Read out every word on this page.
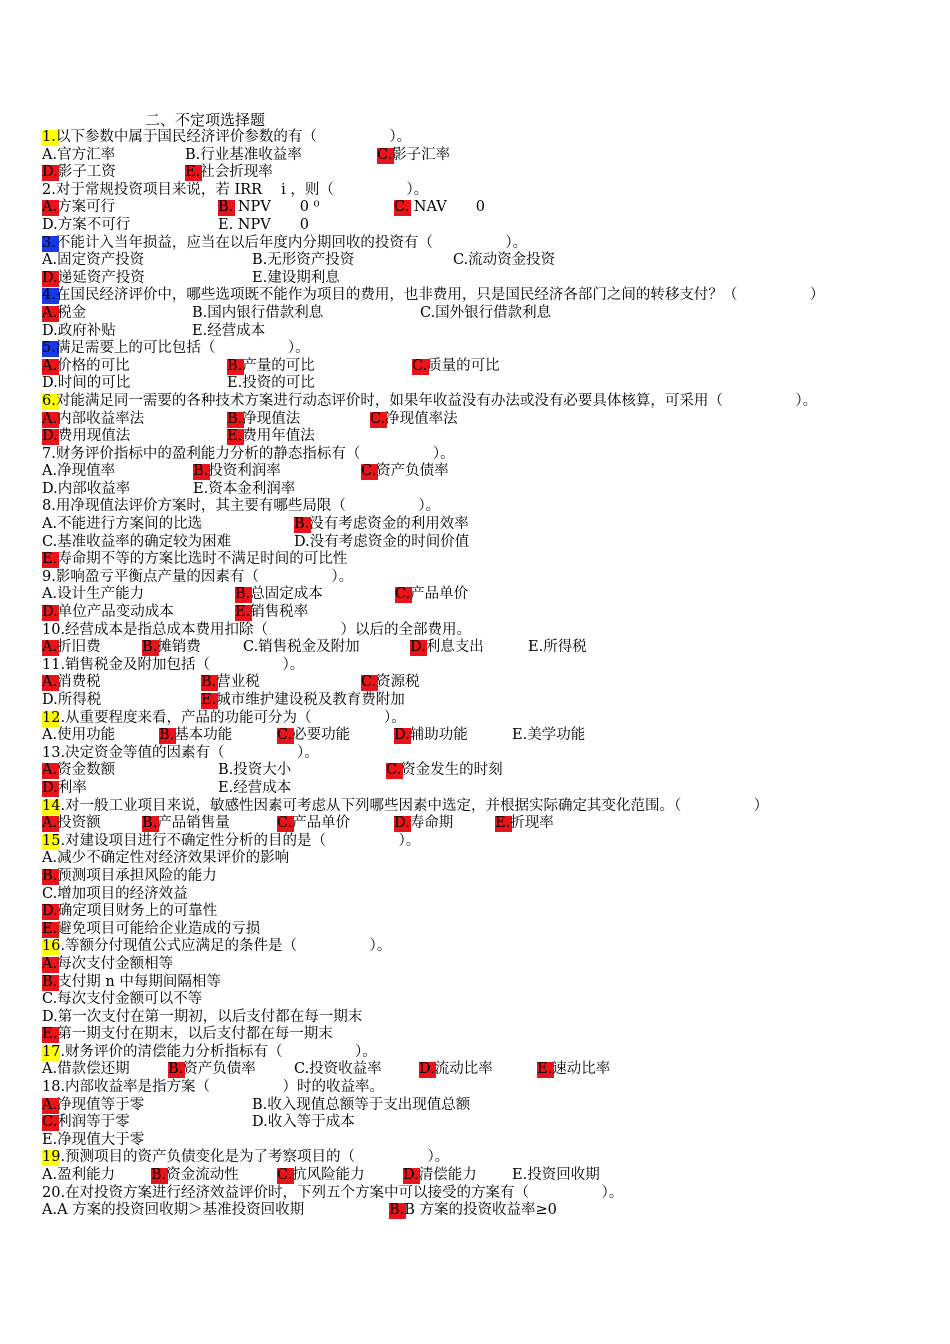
二、不定项选择题
1.以下参数中属于国民经济评价参数的有（　　　　　）。
A.官方汇率	B.行业基准收益率	C.影子汇率
D.影子工资	E.社会折现率
2.对于常规投资项目来说，若 IRR　 i ，则（　　　　　）。
A.方案可行	B. NPV　　0 ⁰	C. NAV　　0
D.方案不可行	E. NPV　　0
3.不能计入当年损益，应当在以后年度内分期回收的投资有（　　　　　）。
A.固定资产投资	B.无形资产投资	C.流动资金投资
D.递延资产投资	E.建设期利息
4.在国民经济评价中，哪些选项既不能作为项目的费用，也非费用，只是国民经济各部门之间的转移支付？（　　　　　）
A.税金	B.国内银行借款利息	C.国外银行借款利息
D.政府补贴	E.经营成本
5.满足需要上的可比包括（　　　　　）。
A.价格的可比	B.产量的可比	C.质量的可比
D.时间的可比	E.投资的可比
6.对能满足同一需要的各种技术方案进行动态评价时，如果年收益没有办法或没有必要具体核算，可采用（　　　　　）。
A.内部收益率法	B.净现值法	C.净现值率法
D.费用现值法	E.费用年值法
7.财务评价指标中的盈利能力分析的静态指标有（　　　　　）。
A.净现值率	B.投资利润率	C.资产负债率
D.内部收益率	E.资本金利润率
8.用净现值法评价方案时，其主要有哪些局限（　　　　　）。
A.不能进行方案间的比选	B.没有考虑资金的利用效率
C.基准收益率的确定较为困难	D.没有考虑资金的时间价值
E.寿命期不等的方案比选时不满足时间的可比性
9.影响盈亏平衡点产量的因素有（　　　　　）。
A.设计生产能力	B.总固定成本	C.产品单价
D.单位产品变动成本	E.销售税率
10.经营成本是指总成本费用扣除（　　　　　）以后的全部费用。
A.折旧费	B.摊销费	C.销售税金及附加	D.利息支出	E.所得税
11.销售税金及附加包括（　　　　　）。
A.消费税	B.营业税	C.资源税
D.所得税	E.城市维护建设税及教育费附加
12.从重要程度来看，产品的功能可分为（　　　　　）。
A.使用功能	B.基本功能	C.必要功能	D.辅助功能	E.美学功能
13.决定资金等值的因素有（　　　　　）。
A.资金数额	B.投资大小	C.资金发生的时刻
D.利率	E.经营成本
14.对一般工业项目来说，敏感性因素可考虑从下列哪些因素中选定，并根据实际确定其变化范围。（　　　　　）
A.投资额	B.产品销售量	C.产品单价	D.寿命期	E.折现率
15.对建设项目进行不确定性分析的目的是（　　　　　）。
A.减少不确定性对经济效果评价的影响
B.预测项目承担风险的能力
C.增加项目的经济效益
D.确定项目财务上的可靠性
E.避免项目可能给企业造成的亏损
16.等额分付现值公式应满足的条件是（　　　　　）。
A.每次支付金额相等
B.支付期 n 中每期间隔相等
C.每次支付金额可以不等
D.第一次支付在第一期初，以后支付都在每一期末
E.第一期支付在期末，以后支付都在每一期末
17.财务评价的清偿能力分析指标有（　　　　　）。
A.借款偿还期	B.资产负债率	C.投资收益率	D.流动比率	E.速动比率
18.内部收益率是指方案（　　　　　）时的收益率。
A.净现值等于零	B.收入现值总额等于支出现值总额
C.利润等于零	D.收入等于成本
E.净现值大于零
19.预测项目的资产负债变化是为了考察项目的（　　　　　）。
A.盈利能力 B.资金流动性	C.抗风险能力	D.清偿能力 E.投资回收期
20.在对投资方案进行经济效益评价时，下列五个方案中可以接受的方案有（　　　　　）。
A.A 方案的投资回收期＞基准投资回收期	B.B 方案的投资收益率≥0
